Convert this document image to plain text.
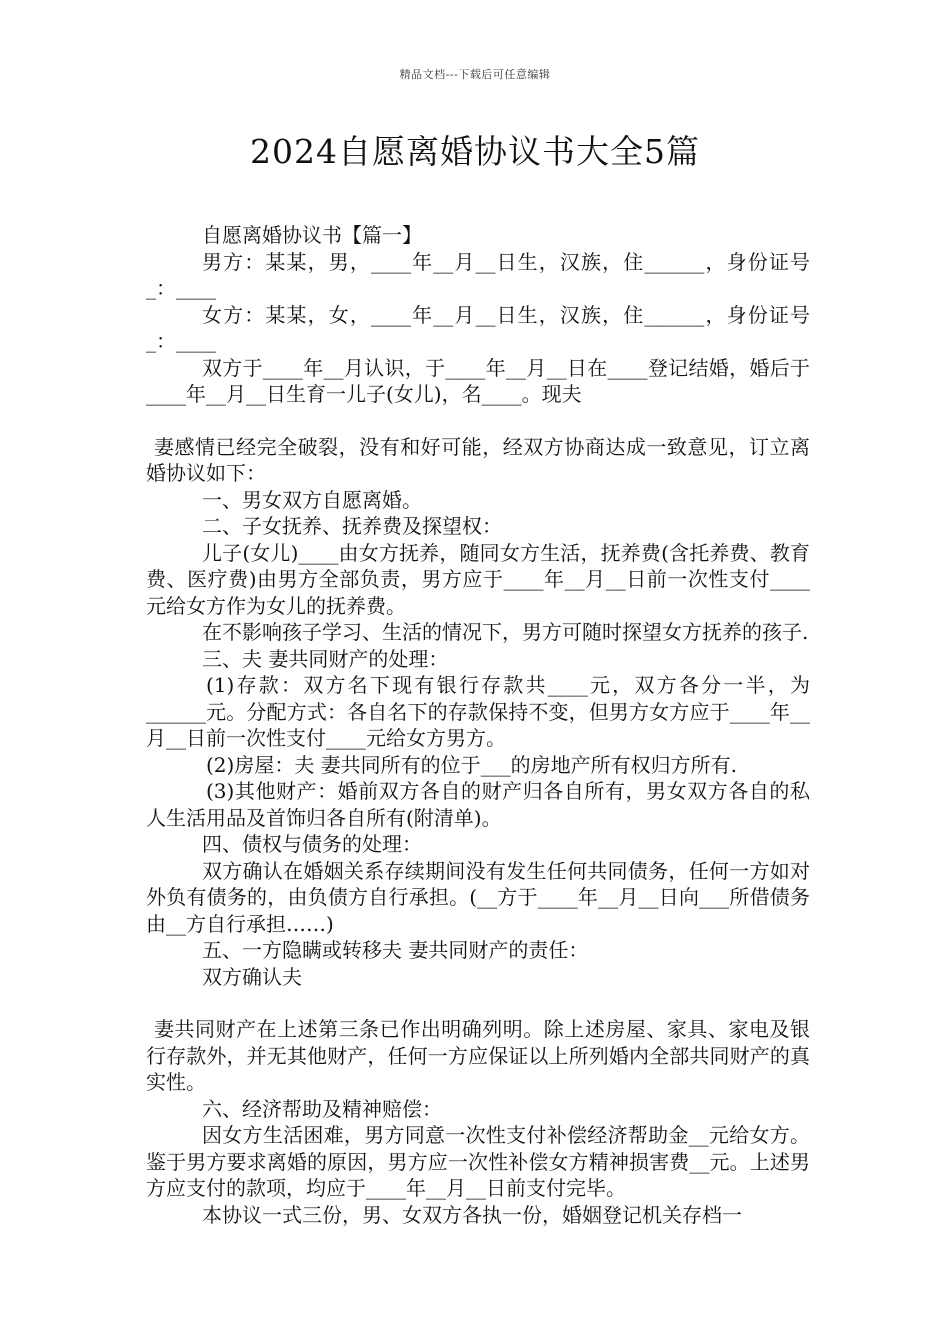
精品文档---下载后可任意编辑
2024自愿离婚协议书大全5篇

自愿离婚协议书【篇一】

男方：某某，男，____年__月__日生，汉族，住______，身份证号_：____

女方：某某，女，____年__月__日生，汉族，住______，身份证号_：____

双方于____年__月认识，于____年__月__日在____登记结婚，婚后于____年__月__日生育一儿子(女儿)，名____。现夫

妻感情已经完全破裂，没有和好可能，经双方协商达成一致意见，订立离婚协议如下：

一、男女双方自愿离婚。

二、子女抚养、抚养费及探望权：

儿子(女儿)____由女方抚养，随同女方生活，抚养费(含托养费、教育费、医疗费)由男方全部负责，男方应于____年__月__日前一次性支付____元给女方作为女儿的抚养费。

在不影响孩子学习、生活的情况下，男方可随时探望女方抚养的孩子.

三、夫 妻共同财产的处理：

(1)存款：双方名下现有银行存款共____元，双方各分一半，为______元。分配方式：各自名下的存款保持不变，但男方女方应于____年__月__日前一次性支付____元给女方男方。

(2)房屋：夫 妻共同所有的位于___的房地产所有权归方所有.

(3)其他财产：婚前双方各自的财产归各自所有，男女双方各自的私人生活用品及首饰归各自所有(附清单)。

四、债权与债务的处理：

双方确认在婚姻关系存续期间没有发生任何共同债务，任何一方如对外负有债务的，由负债方自行承担。(__方于____年__月__日向___所借债务由__方自行承担……)

五、一方隐瞒或转移夫 妻共同财产的责任：

双方确认夫

妻共同财产在上述第三条已作出明确列明。除上述房屋、家具、家电及银行存款外，并无其他财产，任何一方应保证以上所列婚内全部共同财产的真实性。

六、经济帮助及精神赔偿：

因女方生活困难，男方同意一次性支付补偿经济帮助金__元给女方。鉴于男方要求离婚的原因，男方应一次性补偿女方精神损害费__元。上述男方应支付的款项，均应于____年__月__日前支付完毕。

本协议一式三份，男、女双方各执一份，婚姻登记机关存档一
